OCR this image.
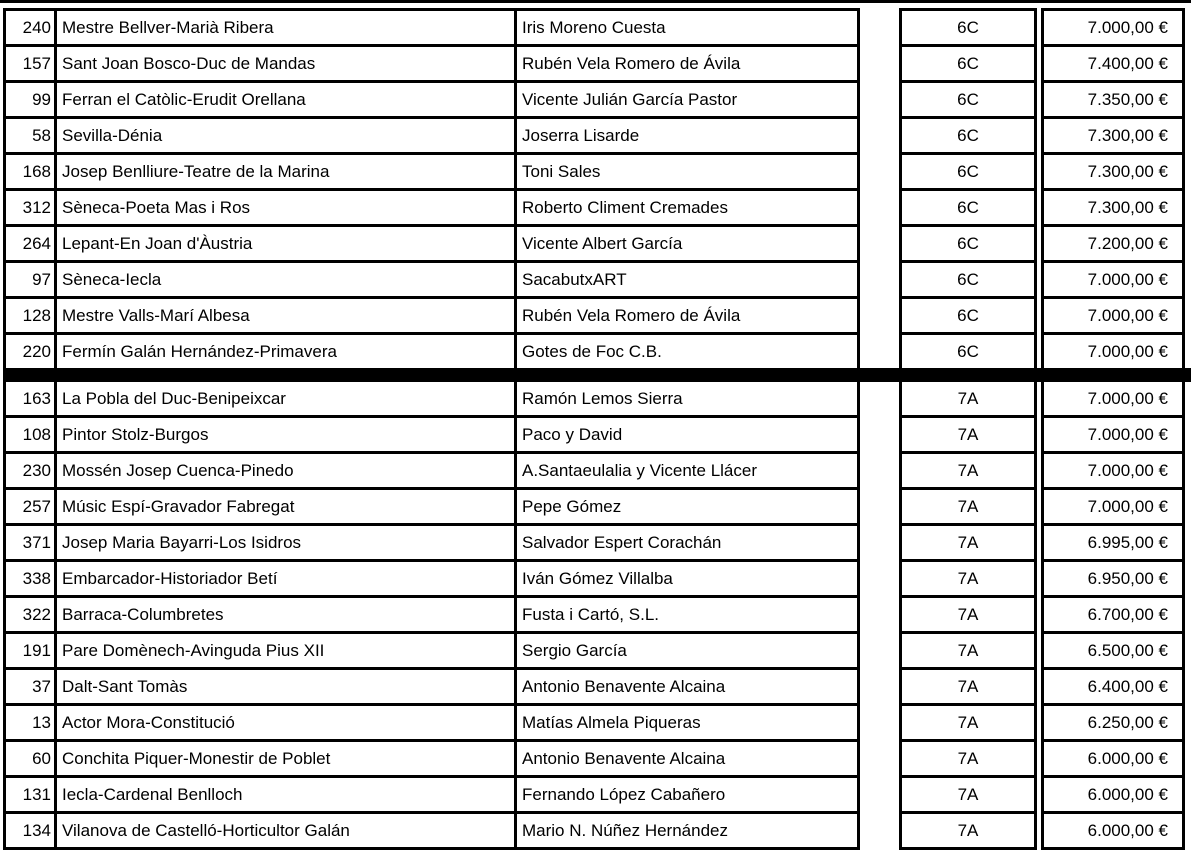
240 Mestre Bellver-Marià Ribera	Iris Moreno Cuesta	6C	7.000,00 €
157 Sant Joan Bosco-Duc de Mandas	Rubén Vela Romero de Ávila	6C	7.400,00 €
99 Ferran el Catòlic-Erudit Orellana	Vicente Julián García Pastor	6C	7.350,00 €
58 Sevilla-Dénia	Joserra Lisarde	6C	7.300,00 €
168 Josep Benlliure-Teatre de la Marina	Toni Sales	6C	7.300,00 €
312 Sèneca-Poeta Mas i Ros	Roberto Climent Cremades	6C	7.300,00 €
264 Lepant-En Joan d'Àustria	Vicente Albert García	6C	7.200,00 €
97 Sèneca-Iecla	SacabutxART	6C	7.000,00 €
128 Mestre Valls-Marí Albesa	Rubén Vela Romero de Ávila	6C	7.000,00 €
220 Fermín Galán Hernández-Primavera	Gotes de Foc C.B.	6C	7.000,00 €
163 La Pobla del Duc-Benipeixcar	Ramón Lemos Sierra	7A	7.000,00 €
108 Pintor Stolz-Burgos	Paco y David	7A	7.000,00 €
230 Mossén Josep Cuenca-Pinedo	A.Santaeulalia y Vicente Llácer	7A	7.000,00 €
257 Músic Espí-Gravador Fabregat	Pepe Gómez	7A	7.000,00 €
371 Josep Maria Bayarri-Los Isidros	Salvador Espert Corachán	7A	6.995,00 €
338 Embarcador-Historiador Betí	Iván Gómez Villalba	7A	6.950,00 €
322 Barraca-Columbretes	Fusta i Cartó, S.L.	7A	6.700,00 €
191 Pare Domènech-Avinguda Pius XII	Sergio García	7A	6.500,00 €
37 Dalt-Sant Tomàs	Antonio Benavente Alcaina	7A	6.400,00 €
13 Actor Mora-Constitució	Matías Almela Piqueras	7A	6.250,00 €
60 Conchita Piquer-Monestir de Poblet	Antonio Benavente Alcaina	7A	6.000,00 €
131 Iecla-Cardenal Benlloch	Fernando López Cabañero	7A	6.000,00 €
134 Vilanova de Castelló-Horticultor Galán	Mario N. Núñez Hernández	7A	6.000,00 €
